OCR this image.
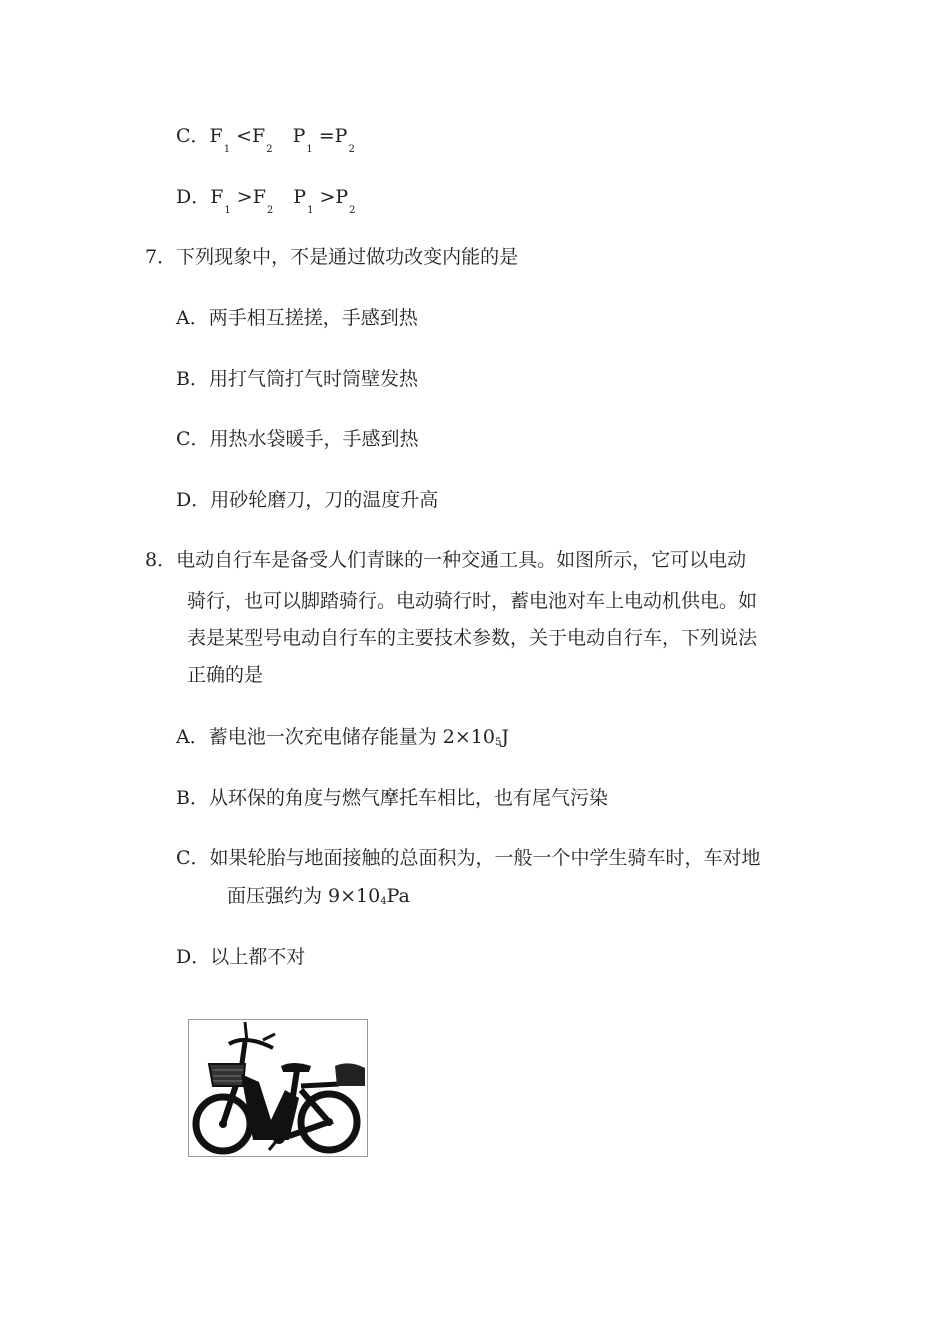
C．$F_1<F_2P_1=P_2$
D．$F_1>F_2P_1>P_2$
7．下列现象中，不是通过做功改变内能的是
A．两手相互搓搓，手感到热
B．用打气筒打气时筒壁发热
C．用热水袋暖手，手感到热
D．用砂轮磨刀，刀的温度升高
8．电动自行车是备受人们青睐的一种交通工具。如图所示，它可以电动
骑行，也可以脚踏骑行。电动骑行时，蓄电池对车上电动机供电。如
表是某型号电动自行车的主要技术参数，关于电动自行车，下列说法
正确的是
A．蓄电池一次充电储存能量为 2×105J
B．从环保的角度与燃气摩托车相比，也有尾气污染
C．如果轮胎与地面接触的总面积为，一般一个中学生骑车时，车对地
面压强约为 9×104Pa
D．以上都不对
